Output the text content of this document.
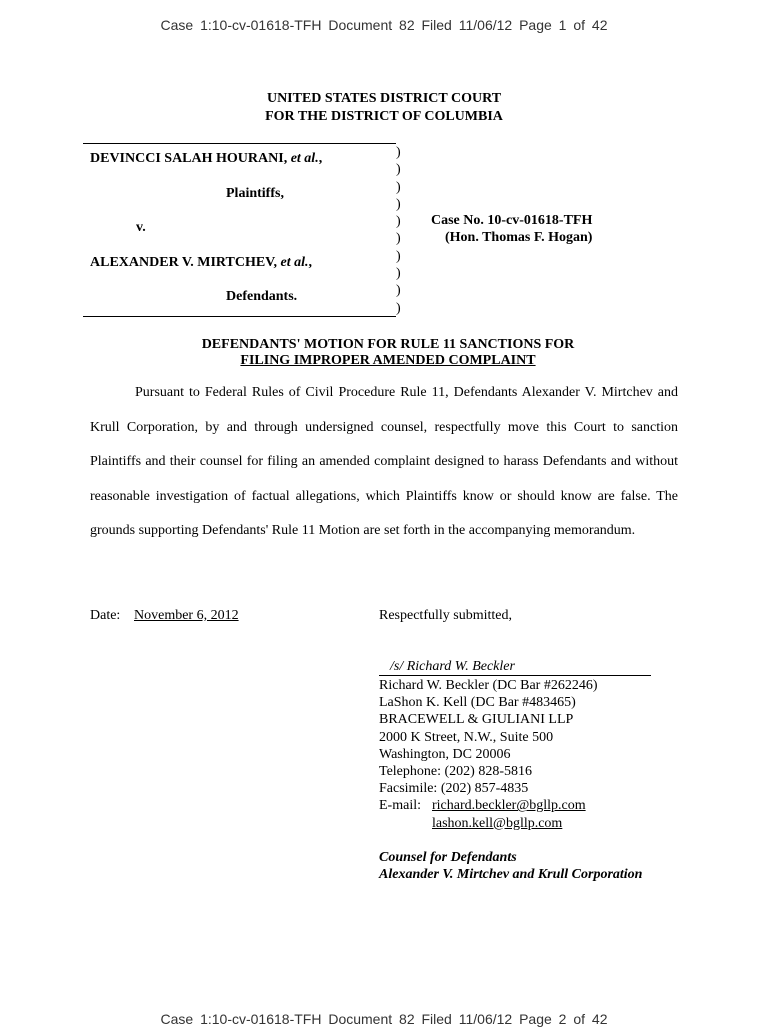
Case 1:10-cv-01618-TFH Document 82 Filed 11/06/12 Page 1 of 42
UNITED STATES DISTRICT COURT
FOR THE DISTRICT OF COLUMBIA
DEVINCCI SALAH HOURANI, et al.,
Plaintiffs,
v.
ALEXANDER V. MIRTCHEV, et al.,
Defendants.
)
)
)
)
)
)
)
)
)
)
Case No. 10-cv-01618-TFH
(Hon. Thomas F. Hogan)
DEFENDANTS' MOTION FOR RULE 11 SANCTIONS FOR
FILING IMPROPER AMENDED COMPLAINT
Pursuant to Federal Rules of Civil Procedure Rule 11, Defendants Alexander V. Mirtchev and Krull Corporation, by and through undersigned counsel, respectfully move this Court to sanction Plaintiffs and their counsel for filing an amended complaint designed to harass Defendants and without reasonable investigation of factual allegations, which Plaintiffs know or should know are false. The grounds supporting Defendants' Rule 11 Motion are set forth in the accompanying memorandum.
Date: November 6, 2012	Respectfully submitted,
/s/ Richard W. Beckler
Richard W. Beckler (DC Bar #262246)
LaShon K. Kell (DC Bar #483465)
BRACEWELL & GIULIANI LLP
2000 K Street, N.W., Suite 500
Washington, DC 20006
Telephone: (202) 828-5816
Facsimile: (202) 857-4835
E-mail: richard.beckler@bgllp.com
lashon.kell@bgllp.com
Counsel for Defendants
Alexander V. Mirtchev and Krull Corporation
Case 1:10-cv-01618-TFH Document 82 Filed 11/06/12 Page 2 of 42
